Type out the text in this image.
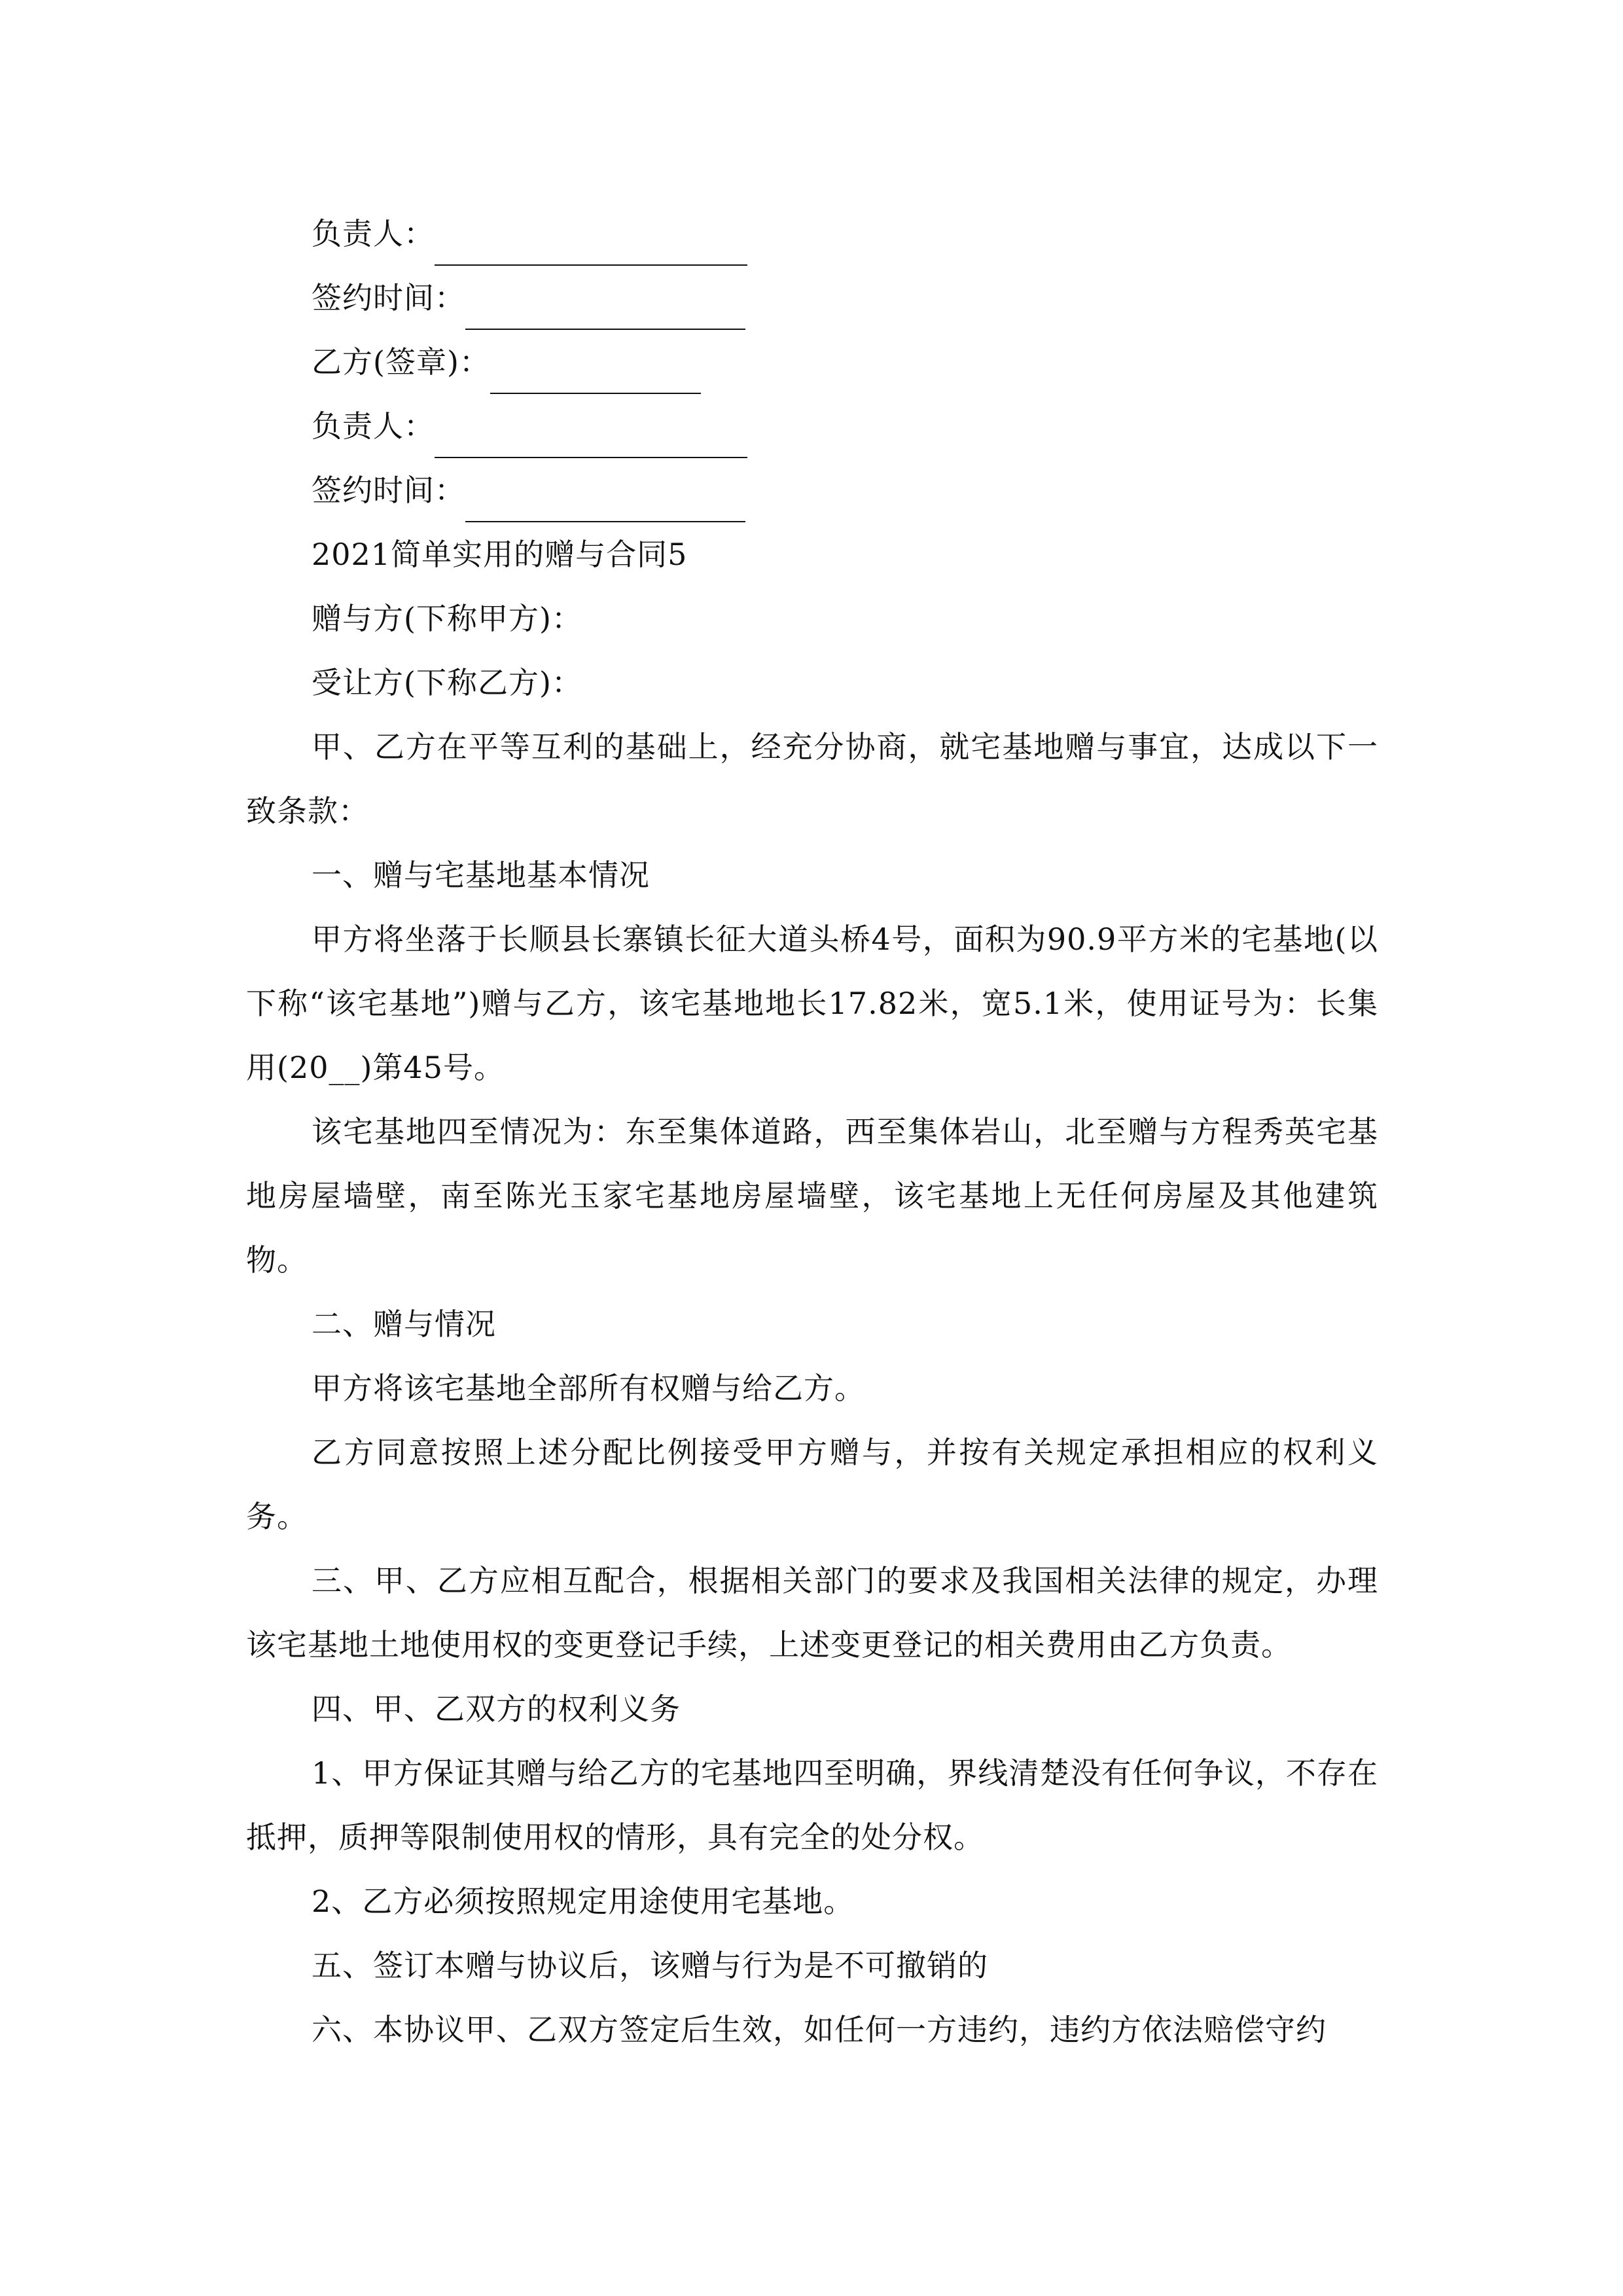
负责人：
签约时间：
乙方(签章)：
负责人：
签约时间：

2021简单实用的赠与合同5

赠与方(下称甲方)：

受让方(下称乙方)：

甲、乙方在平等互利的基础上，经充分协商，就宅基地赠与事宜，达成以下一致条款：

一、赠与宅基地基本情况

甲方将坐落于长顺县长寨镇长征大道头桥4号，面积为90.9平方米的宅基地(以下称“该宅基地”)赠与乙方，该宅基地地长17.82米，宽5.1米，使用证号为：长集用(20__)第45号。

该宅基地四至情况为：东至集体道路，西至集体岩山，北至赠与方程秀英宅基地房屋墙壁，南至陈光玉家宅基地房屋墙壁，该宅基地上无任何房屋及其他建筑物。

二、赠与情况

甲方将该宅基地全部所有权赠与给乙方。

乙方同意按照上述分配比例接受甲方赠与，并按有关规定承担相应的权利义务。

三、甲、乙方应相互配合，根据相关部门的要求及我国相关法律的规定，办理该宅基地土地使用权的变更登记手续，上述变更登记的相关费用由乙方负责。

四、甲、乙双方的权利义务

1、甲方保证其赠与给乙方的宅基地四至明确，界线清楚没有任何争议，不存在抵押，质押等限制使用权的情形，具有完全的处分权。

2、乙方必须按照规定用途使用宅基地。

五、签订本赠与协议后，该赠与行为是不可撤销的

六、本协议甲、乙双方签定后生效，如任何一方违约，违约方依法赔偿守约
